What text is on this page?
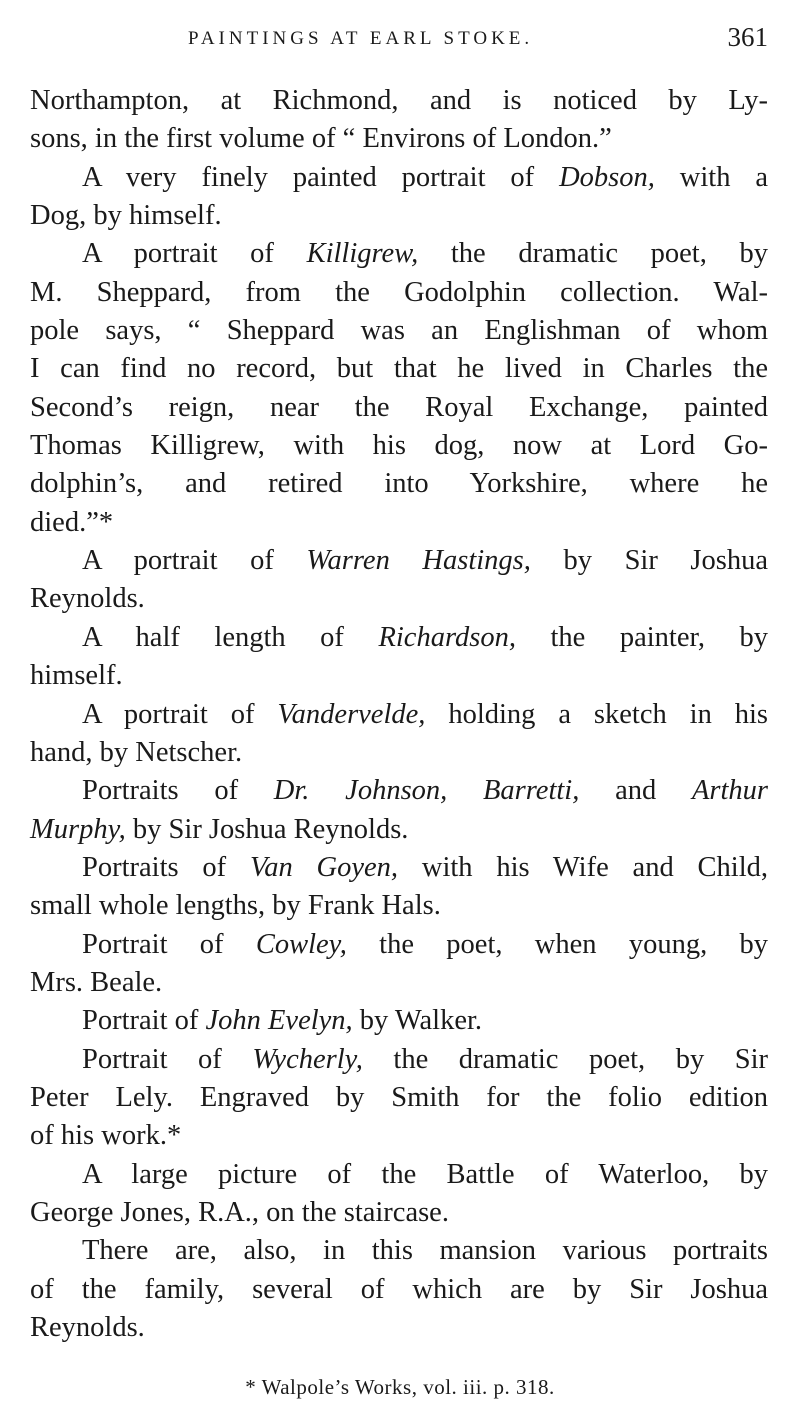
PAINTINGS AT EARL STOKE.	361
Northampton, at Richmond, and is noticed by Ly-
sons, in the first volume of “ Environs of London.”
A very finely painted portrait of Dobson, with a
Dog, by himself.
A portrait of Killigrew, the dramatic poet, by
M. Sheppard, from the Godolphin collection. Wal-
pole says, “ Sheppard was an Englishman of whom
I can find no record, but that he lived in Charles the
Second’s reign, near the Royal Exchange, painted
Thomas Killigrew, with his dog, now at Lord Go-
dolphin’s, and retired into Yorkshire, where he
died.”*
A portrait of Warren Hastings, by Sir Joshua
Reynolds.
A half length of Richardson, the painter, by
himself.
A portrait of Vandervelde, holding a sketch in his
hand, by Netscher.
Portraits of Dr. Johnson, Barretti, and Arthur
Murphy, by Sir Joshua Reynolds.
Portraits of Van Goyen, with his Wife and Child,
small whole lengths, by Frank Hals.
Portrait of Cowley, the poet, when young, by
Mrs. Beale.
Portrait of John Evelyn, by Walker.
Portrait of Wycherly, the dramatic poet, by Sir
Peter Lely. Engraved by Smith for the folio edition
of his work.*
A large picture of the Battle of Waterloo, by
George Jones, R.A., on the staircase.
There are, also, in this mansion various portraits
of the family, several of which are by Sir Joshua
Reynolds.
* Walpole’s Works, vol. iii. p. 318.
